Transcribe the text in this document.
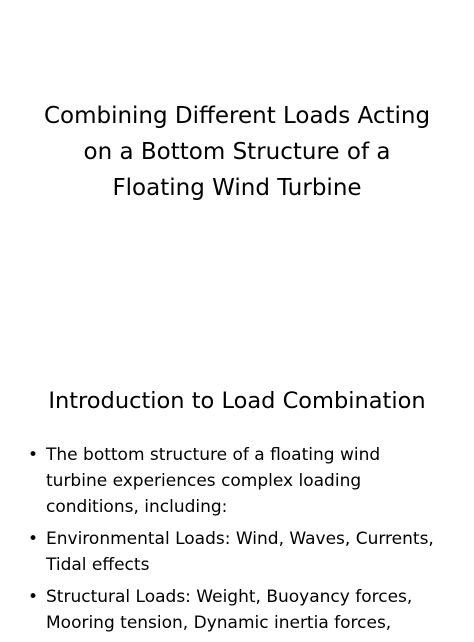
Combining Different Loads Acting
on a Bottom Structure of a
Floating Wind Turbine
Introduction to Load Combination
• The bottom structure of a floating wind
turbine experiences complex loading
conditions, including:
• Environmental Loads: Wind, Waves, Currents,
Tidal effects
• Structural Loads: Weight, Buoyancy forces,
Mooring tension, Dynamic inertia forces,
